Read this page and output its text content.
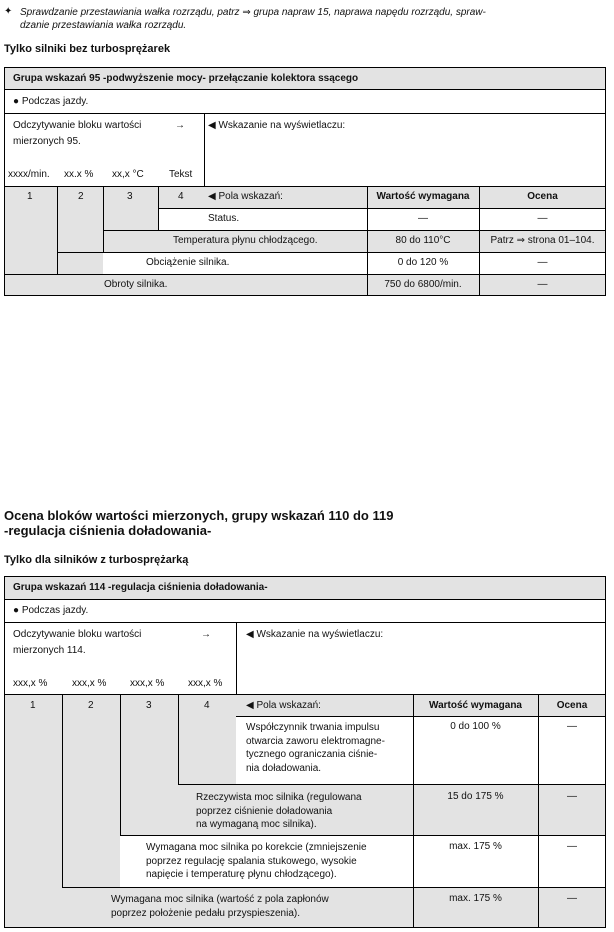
✦ Sprawdzanie przestawiania wałka rozrządu, patrz ⇒ grupa napraw 15, naprawa napędu rozrządu, spraw-
dzanie przestawiania wałka rozrządu.
Tylko silniki bez turbosprężarek
Grupa wskazań 95 -podwyższenie mocy- przełączanie kolektora ssącego
● Podczas jazdy.
Odczytywanie bloku wartości	→
mierzonych 95.
◀ Wskazanie na wyświetlaczu:
xxxx/min. xx.x % xx,x °C	Tekst
1	2	3	4 ◀ Pola wskazań:	Wartość wymagana	Ocena
Status.	—	—
Temperatura płynu chłodzącego.	80 do 110°C	Patrz ⇒ strona 01–104.
Obciążenie silnika.	0 do 120 %	—
Obroty silnika.	750 do 6800/min.	—
Ocena bloków wartości mierzonych, grupy wskazań 110 do 119
-regulacja ciśnienia doładowania-
Tylko dla silników z turbosprężarką
Grupa wskazań 114 -regulacja ciśnienia doładowania-
● Podczas jazdy.
Odczytywanie bloku wartości	→
mierzonych 114.
◀ Wskazanie na wyświetlaczu:
xxx,x % xxx,x % xxx,x % xxx,x %
1	2	3	4	◀ Pola wskazań:	Wartość wymagana	Ocena
Współczynnik trwania impulsu
otwarcia zaworu elektromagne-
tycznego ograniczania ciśnie-
nia doładowania.
0 do 100 %	—
Rzeczywista moc silnika (regulowana
poprzez ciśnienie doładowania
na wymaganą moc silnika).
15 do 175 %	—
Wymagana moc silnika po korekcie (zmniejszenie
poprzez regulację spalania stukowego, wysokie
napięcie i temperaturę płynu chłodzącego).
max. 175 %	—
Wymagana moc silnika (wartość z pola zapłonów
poprzez położenie pedału przyspieszenia).
max. 175 %	—
